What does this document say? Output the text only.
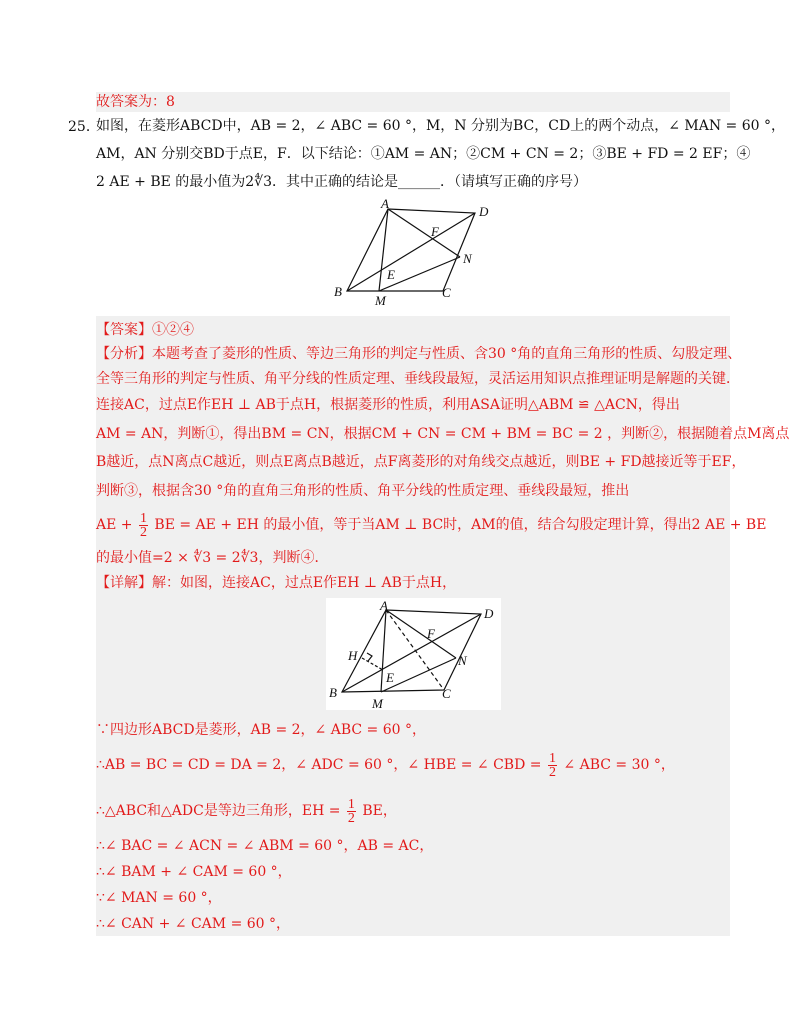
故答案为：8
25．
如图，在菱形ABCD中，AB = 2，∠ ABC = 60 °，M，N 分别为BC，CD上的两个动点，∠ MAN = 60 °，
AM，AN 分别交BD于点E，F．以下结论：①AM = AN；②CM + CN = 2；③BE + FD = 2 EF；④
2 AE + BE 的最小值为2∜3．其中正确的结论是______．（请填写正确的序号）
A
D
F
N
E
B
M
C
【答案】①②④
【分析】本题考查了菱形的性质、等边三角形的判定与性质、含30 °角的直角三角形的性质、勾股定理、
全等三角形的判定与性质、角平分线的性质定理、垂线段最短，灵活运用知识点推理证明是解题的关键．
连接AC，过点E作EH ⊥ AB于点H，根据菱形的性质，利用ASA证明△ABM ≌ △ACN，得出
AM = AN，判断①，得出BM = CN，根据CM + CN = CM + BM = BC = 2 ，判断②，根据随着点M离点
B越近，点N离点C越近，则点E离点B越近，点F离菱形的对角线交点越近，则BE + FD越接近等于EF，
判断③，根据含30 °角的直角三角形的性质、角平分线的性质定理、垂线段最短，推出
AE + $\frac{1}{2}$ BE = AE + EH 的最小值，等于当AM ⊥ BC时，AM的值，结合勾股定理计算，得出2 AE + BE
的最小值=2 × ∜3 = 2∜3，判断④．
【详解】解：如图，连接AC，过点E作EH ⊥ AB于点H，
A
D
F
H	N
E
B
M
C
∵四边形ABCD是菱形，AB = 2，∠ ABC = 60 °，
∴AB = BC = CD = DA = 2，∠ ADC = 60 °，∠ HBE = ∠ CBD = $\frac{1}{2}$ ∠ ABC = 30 °，
∴△ABC和△ADC是等边三角形，EH = $\frac{1}{2}$ BE，
∴∠ BAC = ∠ ACN = ∠ ABM = 60 °，AB = AC，
∴∠ BAM + ∠ CAM = 60 °，
∵∠ MAN = 60 °，
∴∠ CAN + ∠ CAM = 60 °，
